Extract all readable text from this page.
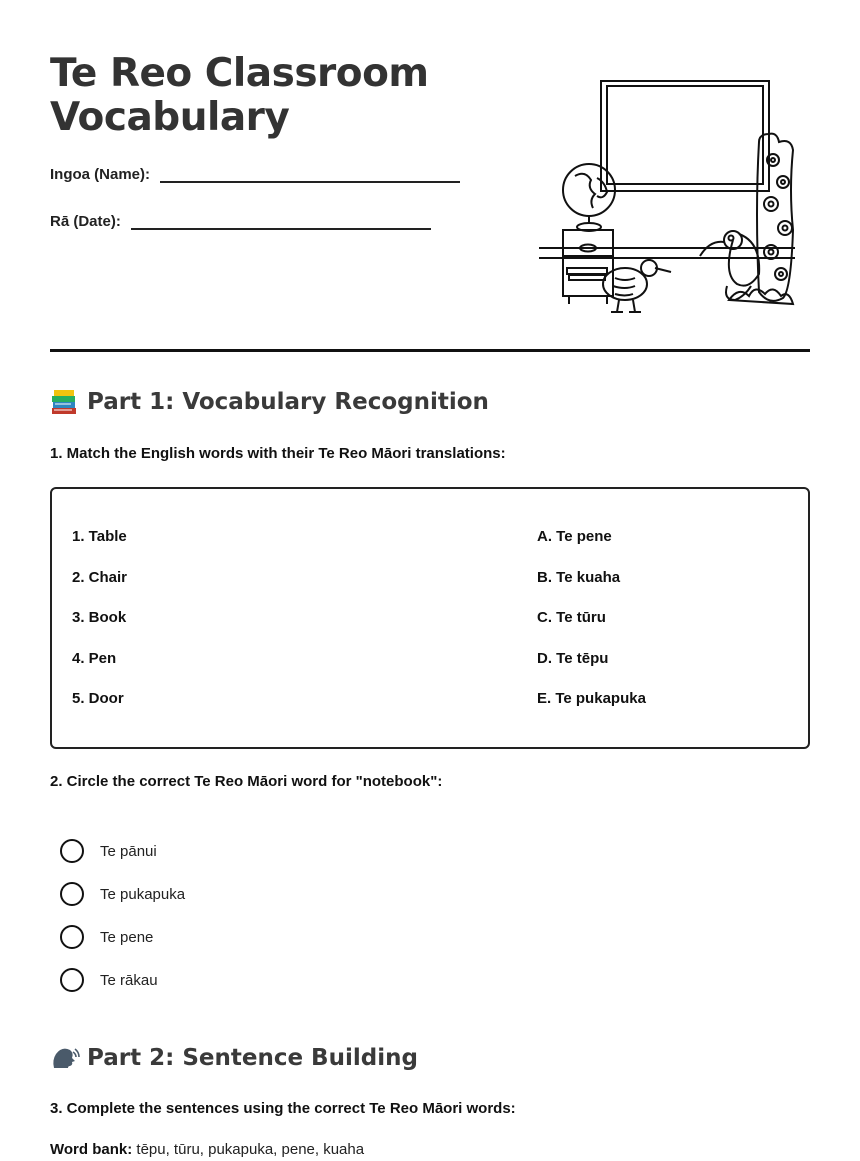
Te Reo Classroom
Vocabulary
Ingoa (Name):
Rā (Date):
Part 1: Vocabulary Recognition
1. Match the English words with their Te Reo Māori translations:
1. Table
2. Chair
3. Book
4. Pen
5. Door
A. Te pene
B. Te kuaha
C. Te tūru
D. Te tēpu
E. Te pukapuka
2. Circle the correct Te Reo Māori word for "notebook":
Te pānui
Te pukapuka
Te pene
Te rākau
Part 2: Sentence Building
3. Complete the sentences using the correct Te Reo Māori words:
Word bank: tēpu, tūru, pukapuka, pene, kuaha
